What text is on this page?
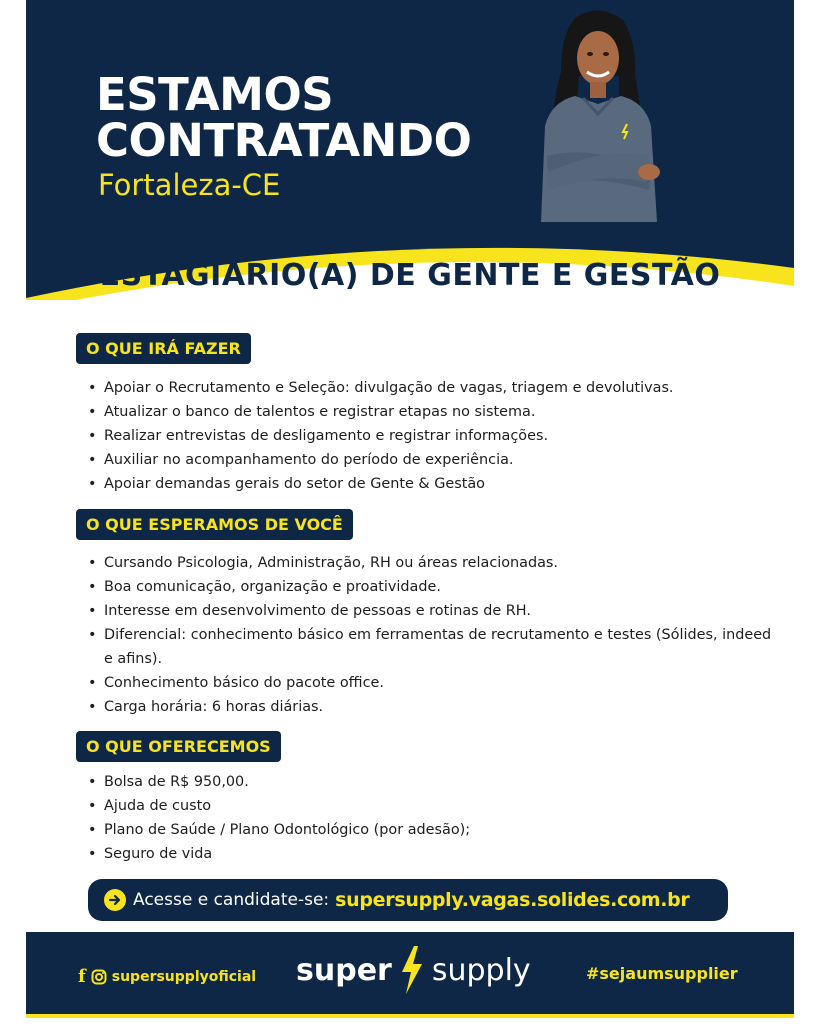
ESTAMOS
CONTRATANDO
Fortaleza-CE
ESTAGIÁRIO(A) DE GENTE E GESTÃO
O QUE IRÁ FAZER
• Apoiar o Recrutamento e Seleção: divulgação de vagas, triagem e devolutivas.
• Atualizar o banco de talentos e registrar etapas no sistema.
• Realizar entrevistas de desligamento e registrar informações.
• Auxiliar no acompanhamento do período de experiência.
• Apoiar demandas gerais do setor de Gente & Gestão
O QUE ESPERAMOS DE VOCÊ
• Cursando Psicologia, Administração, RH ou áreas relacionadas.
• Boa comunicação, organização e proatividade.
• Interesse em desenvolvimento de pessoas e rotinas de RH.
• Diferencial: conhecimento básico em ferramentas de recrutamento e testes (Sólides, indeed e afins).
• Conhecimento básico do pacote office.
• Carga horária: 6 horas diárias.
O QUE OFERECEMOS
• Bolsa de R$ 950,00.
• Ajuda de custo
• Plano de Saúde / Plano Odontológico (por adesão);
• Seguro de vida
Acesse e candidate-se: supersupply.vagas.solides.com.br
f supersupplyoficial super supply	#sejaumsupplier
